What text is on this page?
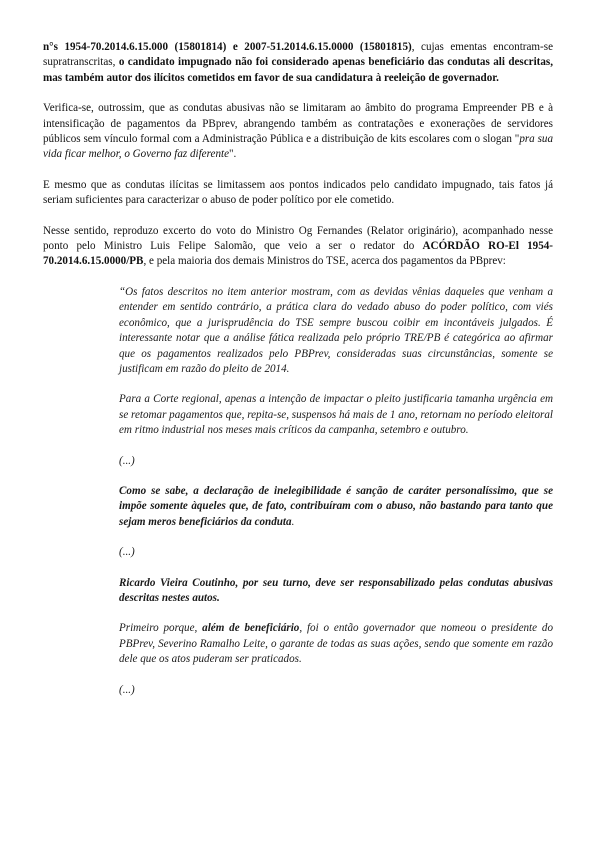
n°s 1954-70.2014.6.15.000 (15801814) e 2007-51.2014.6.15.0000 (15801815), cujas ementas encontram-se supratranscritas, o candidato impugnado não foi considerado apenas beneficiário das condutas ali descritas, mas também autor dos ilícitos cometidos em favor de sua candidatura à reeleição de governador.

Verifica-se, outrossim, que as condutas abusivas não se limitaram ao âmbito do programa Empreender PB e à intensificação de pagamentos da PBprev, abrangendo também as contratações e exonerações de servidores públicos sem vínculo formal com a Administração Pública e a distribuição de kits escolares com o slogan "pra sua vida ficar melhor, o Governo faz diferente".

E mesmo que as condutas ilícitas se limitassem aos pontos indicados pelo candidato impugnado, tais fatos já seriam suficientes para caracterizar o abuso de poder político por ele cometido.

Nesse sentido, reproduzo excerto do voto do Ministro Og Fernandes (Relator originário), acompanhado nesse ponto pelo Ministro Luis Felipe Salomão, que veio a ser o redator do ACÓRDÃO RO-El 1954-70.2014.6.15.0000/PB, e pela maioria dos demais Ministros do TSE, acerca dos pagamentos da PBprev:

“Os fatos descritos no item anterior mostram, com as devidas vênias daqueles que venham a entender em sentido contrário, a prática clara do vedado abuso do poder político, com viés econômico, que a jurisprudência do TSE sempre buscou coibir em incontáveis julgados. É interessante notar que a análise fática realizada pelo próprio TRE/PB é categórica ao afirmar que os pagamentos realizados pelo PBPrev, consideradas suas circunstâncias, somente se justificam em razão do pleito de 2014.

Para a Corte regional, apenas a intenção de impactar o pleito justificaria tamanha urgência em se retomar pagamentos que, repita-se, suspensos há mais de 1 ano, retornam no período eleitoral em ritmo industrial nos meses mais críticos da campanha, setembro e outubro.

(...)

Como se sabe, a declaração de inelegibilidade é sanção de caráter personalíssimo, que se impõe somente àqueles que, de fato, contribuíram com o abuso, não bastando para tanto que sejam meros beneficiários da conduta.

(...)

Ricardo Vieira Coutinho, por seu turno, deve ser responsabilizado pelas condutas abusivas descritas nestes autos.

Primeiro porque, além de beneficiário, foi o então governador que nomeou o presidente do PBPrev, Severino Ramalho Leite, o garante de todas as suas ações, sendo que somente em razão dele que os atos puderam ser praticados.

(...)
